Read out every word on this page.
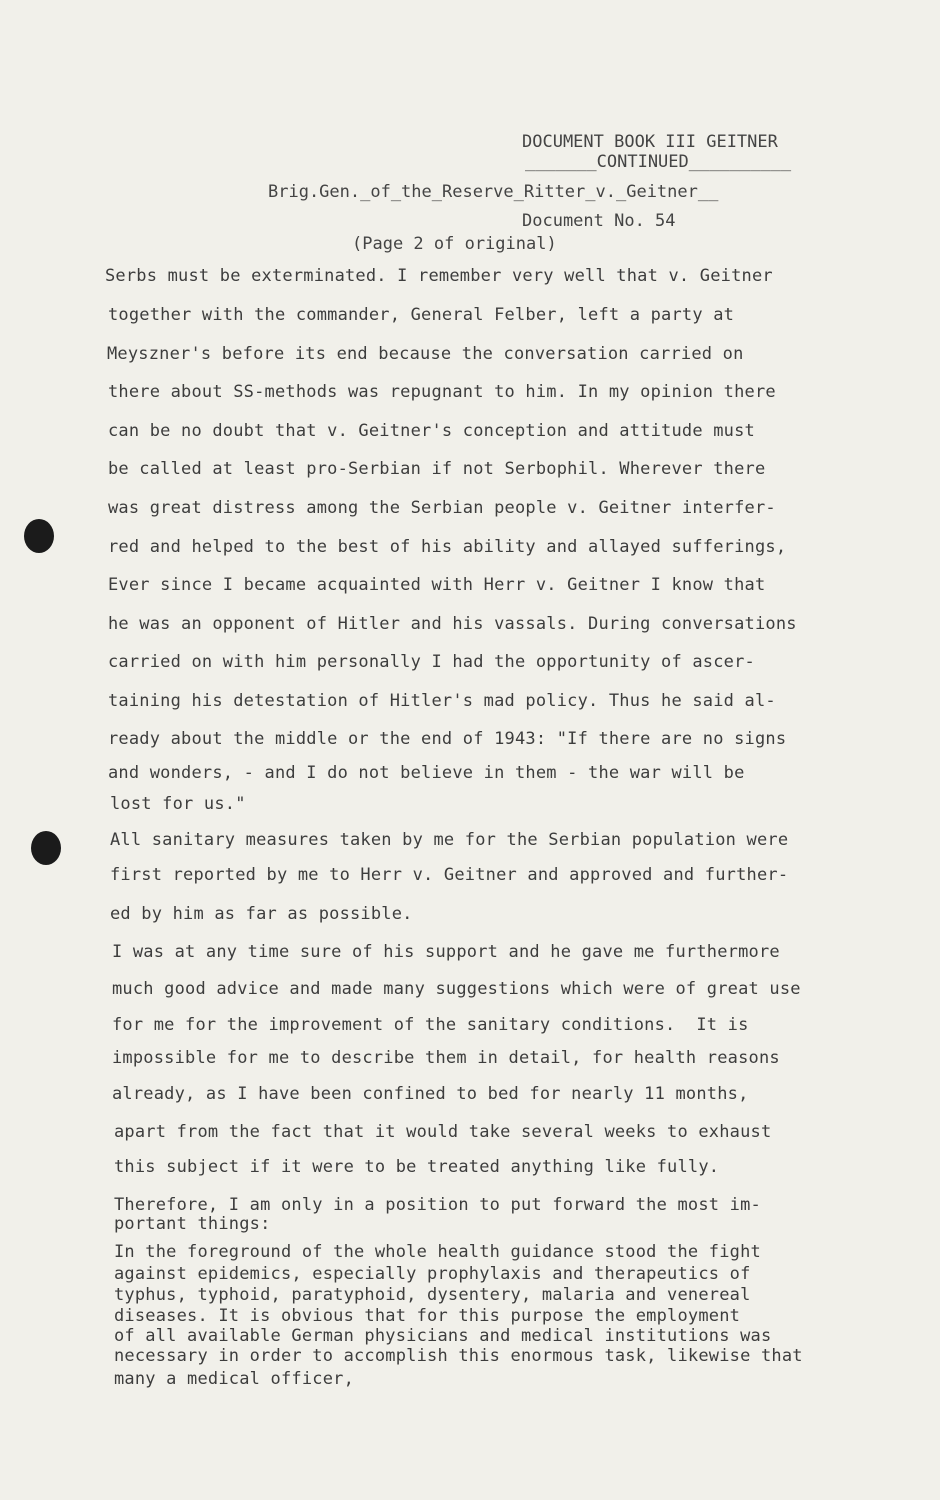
DOCUMENT BOOK III GEITNER
_______CONTINUED__________
Brig.Gen._of_the_Reserve_Ritter_v._Geitner__
Document No. 54
(Page 2 of original)
Serbs must be exterminated. I remember very well that v. Geitner
together with the commander, General Felber, left a party at
Meyszner's before its end because the conversation carried on
there about SS-methods was repugnant to him. In my opinion there
can be no doubt that v. Geitner's conception and attitude must
be called at least pro-Serbian if not Serbophil. Wherever there
was great distress among the Serbian people v. Geitner interfer-
red and helped to the best of his ability and allayed sufferings,
Ever since I became acquainted with Herr v. Geitner I know that
he was an opponent of Hitler and his vassals. During conversations
carried on with him personally I had the opportunity of ascer-
taining his detestation of Hitler's mad policy. Thus he said al-
ready about the middle or the end of 1943: "If there are no signs
and wonders, - and I do not believe in them - the war will be
lost for us."
All sanitary measures taken by me for the Serbian population were
first reported by me to Herr v. Geitner and approved and further-
ed by him as far as possible.
I was at any time sure of his support and he gave me furthermore
much good advice and made many suggestions which were of great use
for me for the improvement of the sanitary conditions.  It is
impossible for me to describe them in detail, for health reasons
already, as I have been confined to bed for nearly 11 months,
apart from the fact that it would take several weeks to exhaust
this subject if it were to be treated anything like fully.
Therefore, I am only in a position to put forward the most im-
portant things:
In the foreground of the whole health guidance stood the fight
against epidemics, especially prophylaxis and therapeutics of
typhus, typhoid, paratyphoid, dysentery, malaria and venereal
diseases. It is obvious that for this purpose the employment
of all available German physicians and medical institutions was
necessary in order to accomplish this enormous task, likewise that
many a medical officer,
